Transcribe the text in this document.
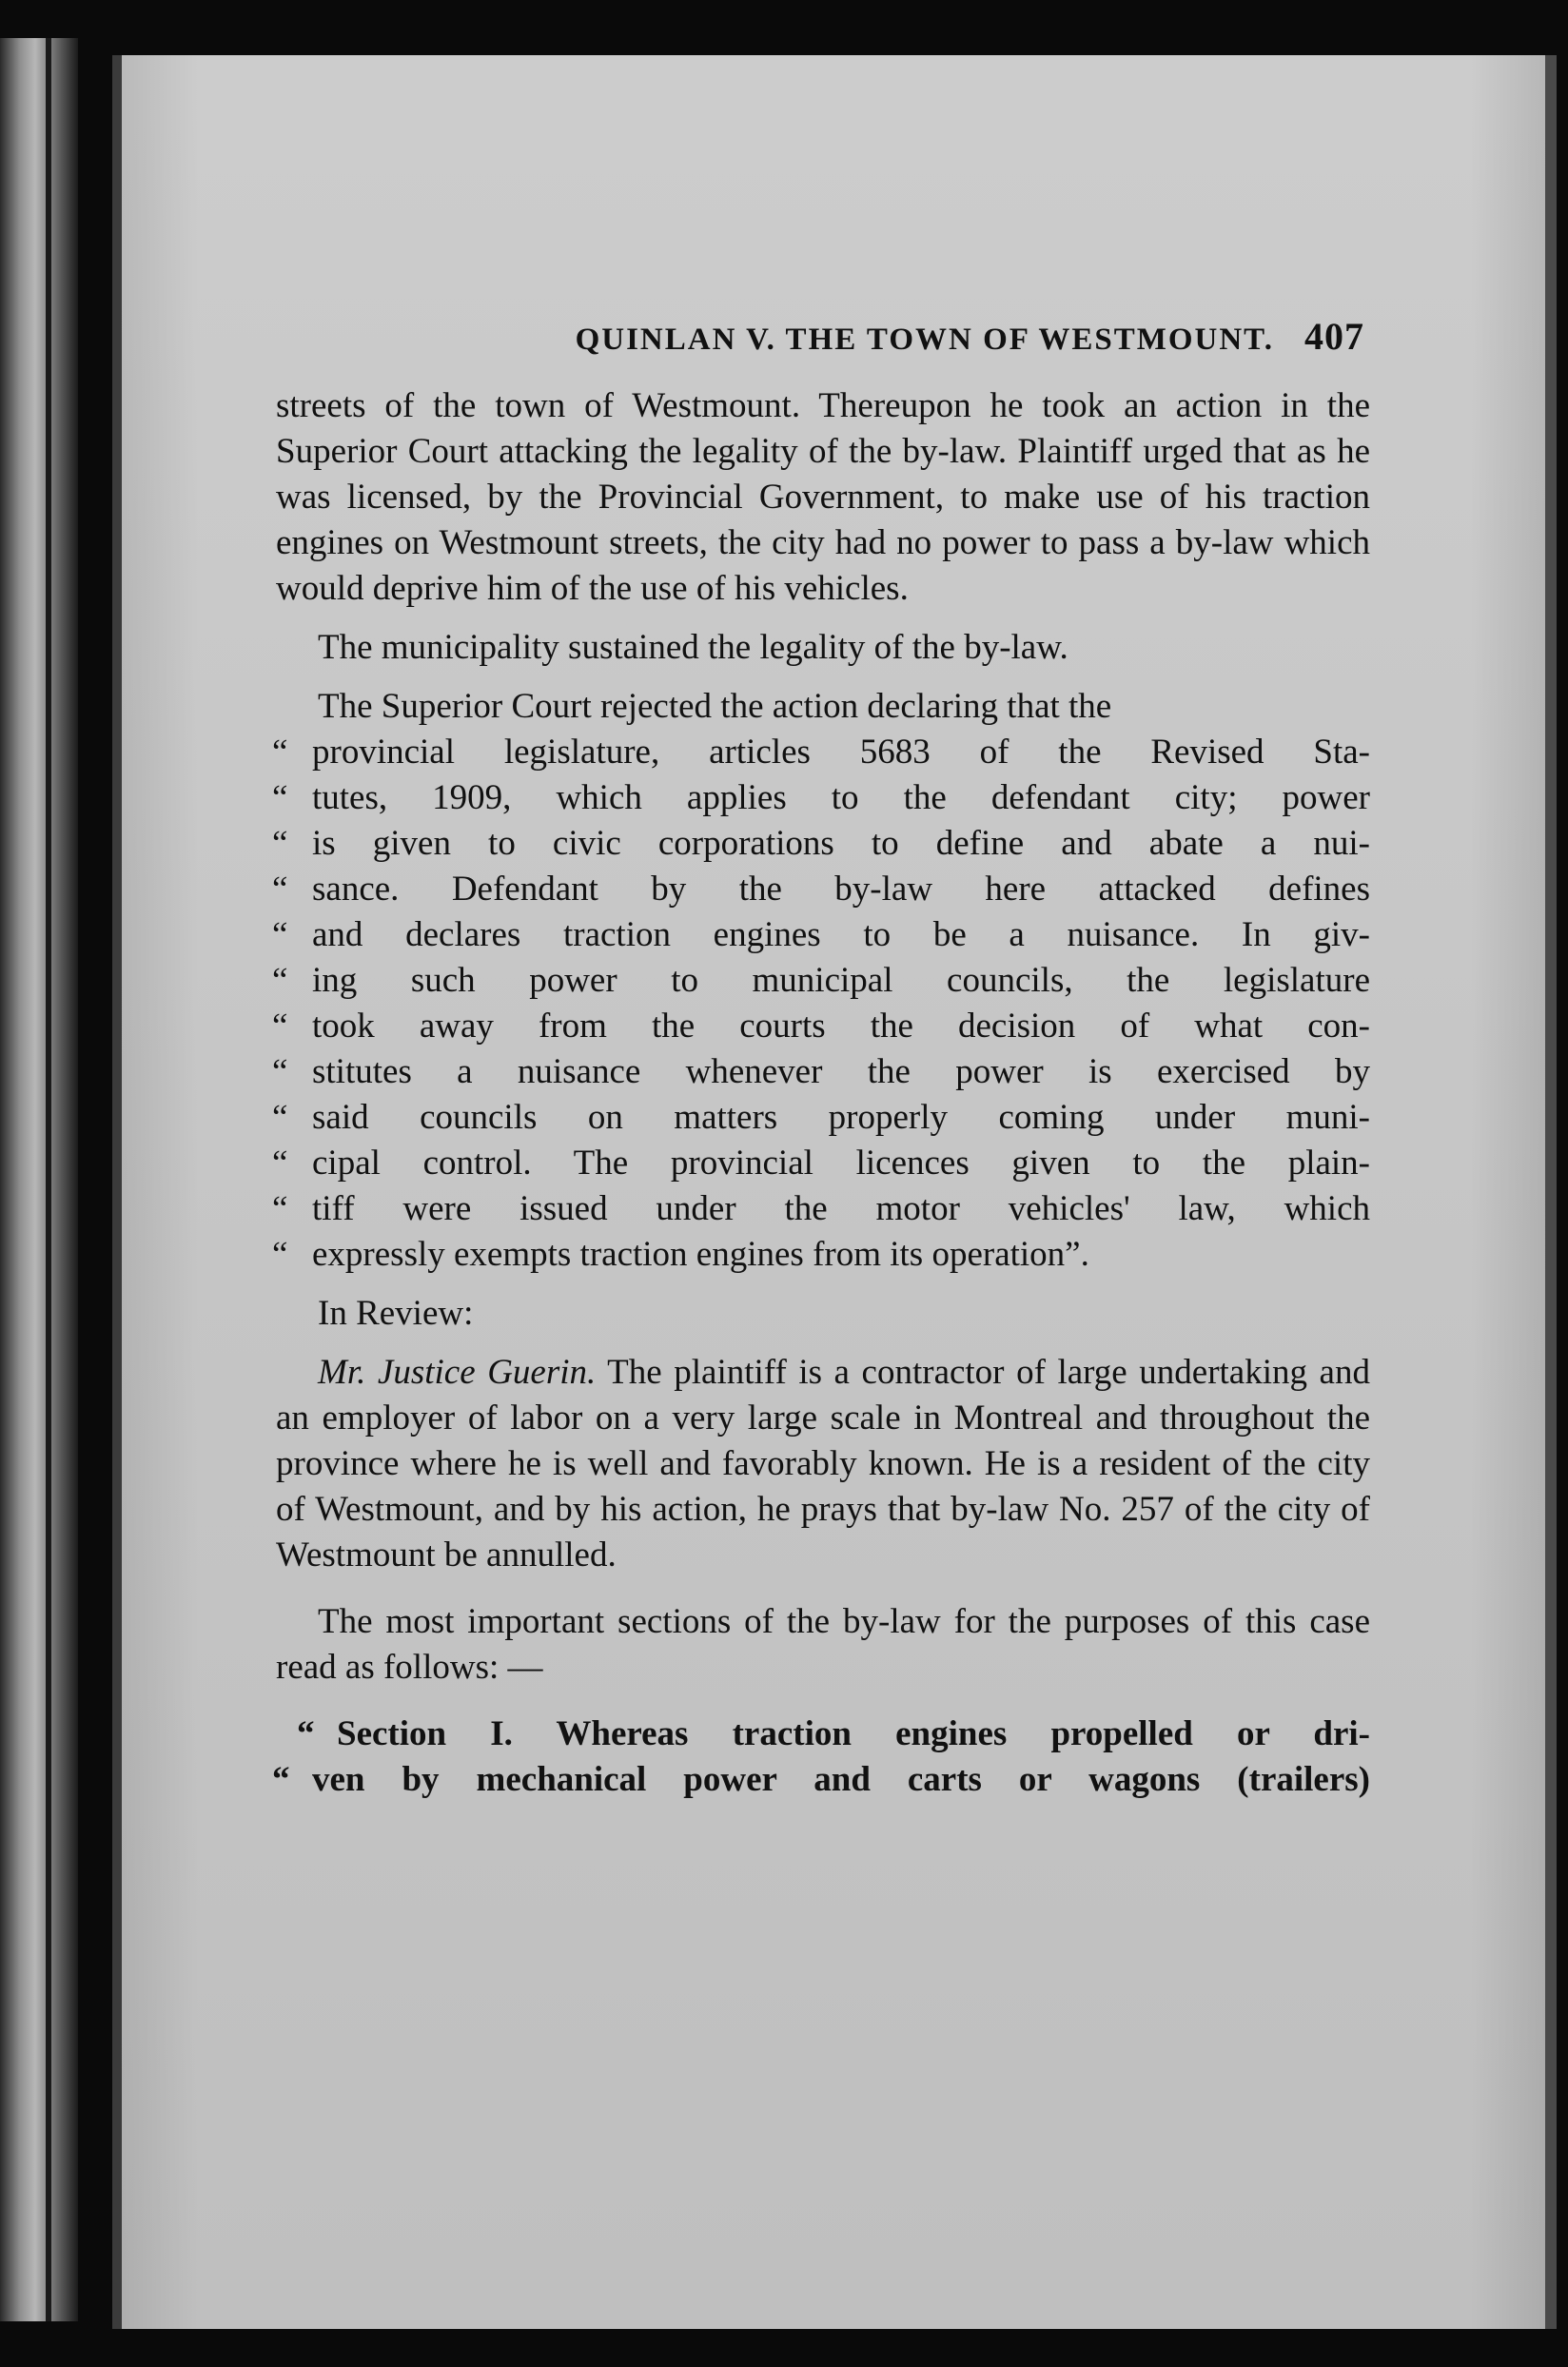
QUINLAN V. THE TOWN OF WESTMOUNT. 407

streets of the town of Westmount. Thereupon he took an action in the Superior Court attacking the legality of the by-law. Plaintiff urged that as he was licensed, by the Provincial Government, to make use of his traction engines on Westmount streets, the city had no power to pass a by-law which would deprive him of the use of his vehicles.

The municipality sustained the legality of the by-law.

The Superior Court rejected the action declaring that the

“ provincial legislature, articles 5683 of the Revised Sta-
“ tutes, 1909, which applies to the defendant city; power
“ is given to civic corporations to define and abate a nui-
“ sance. Defendant by the by-law here attacked defines
“ and declares traction engines to be a nuisance. In giv-
“ ing such power to municipal councils, the legislature
“ took away from the courts the decision of what con-
“ stitutes a nuisance whenever the power is exercised by
“ said councils on matters properly coming under muni-
“ cipal control. The provincial licences given to the plain-
“ tiff were issued under the motor vehicles' law, which
“ expressly exempts traction engines from its operation”.

In Review:

Mr. Justice Guerin. The plaintiff is a contractor of large undertaking and an employer of labor on a very large scale in Montreal and throughout the province where he is well and favorably known. He is a resident of the city of Westmount, and by his action, he prays that by-law No. 257 of the city of Westmount be annulled.

The most important sections of the by-law for the purposes of this case read as follows: —

“ Section I. Whereas traction engines propelled or dri-
“ ven by mechanical power and carts or wagons (trailers)
